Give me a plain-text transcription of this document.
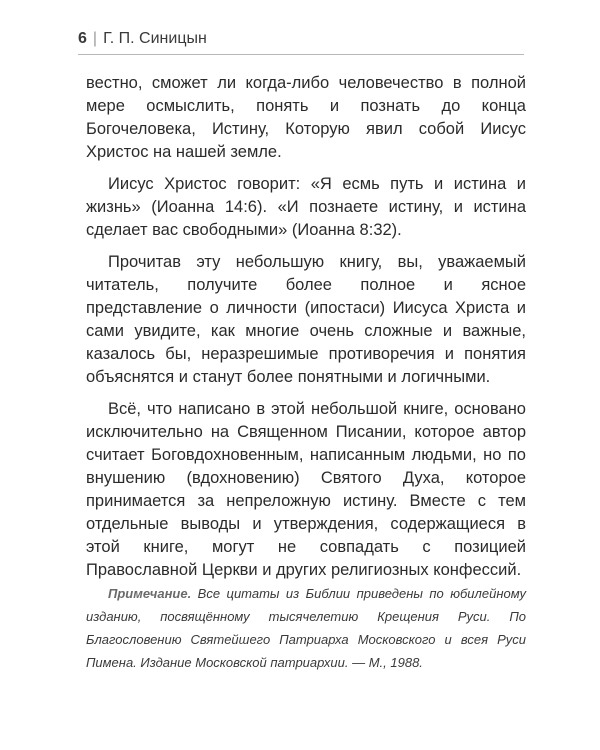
6 | Г. П. Синицын

вестно, сможет ли когда-либо человечество в полной мере осмыслить, понять и познать до конца Богочеловека, Истину, Которую явил собой Иисус Христос на нашей земле.

Иисус Христос говорит: «Я есмь путь и истина и жизнь» (Иоанна 14:6). «И познаете истину, и истина сделает вас свободными» (Иоанна 8:32).

Прочитав эту небольшую книгу, вы, уважаемый читатель, получите более полное и ясное представление о личности (ипостаси) Иисуса Христа и сами увидите, как многие очень сложные и важные, казалось бы, неразрешимые противоречия и понятия объяснятся и станут более понятными и логичными.

Всё, что написано в этой небольшой книге, основано исключительно на Священном Писании, которое автор считает Боговдохновенным, написанным людьми, но по внушению (вдохновению) Святого Духа, которое принимается за непреложную истину. Вместе с тем отдельные выводы и утверждения, содержащиеся в этой книге, могут не совпадать с позицией Православной Церкви и других религиозных конфессий.

Примечание. Все цитаты из Библии приведены по юбилейному изданию, посвящённому тысячелетию Крещения Руси. По Благословению Святейшего Патриарха Московского и всея Руси Пимена. Издание Московской патриархии. — М., 1988.
